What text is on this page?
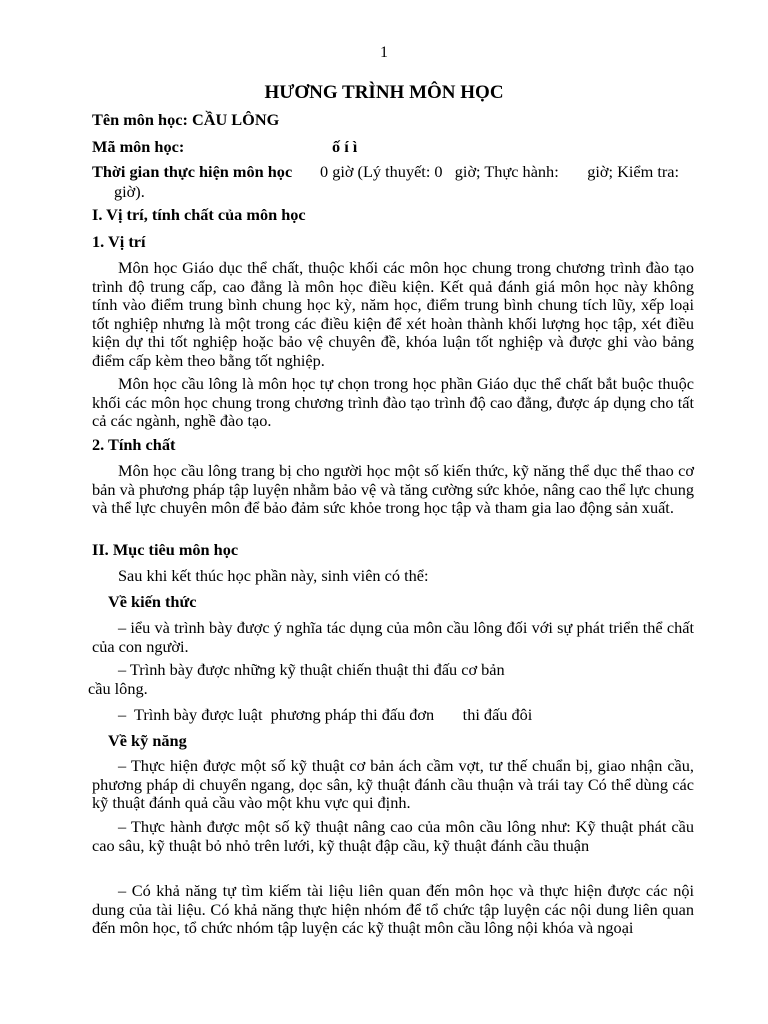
1
HƯƠNG TRÌNH MÔN HỌC
Tên môn học: CẦU LÔNG
Mã môn học:	ố í ì
Thời gian thực hiện môn học 0 giờ (Lý thuyết: 0   giờ; Thực hành:       giờ; Kiểm tra:
giờ).
I. Vị trí, tính chất của môn học
1. Vị trí
Môn học Giáo dục thể chất, thuộc khối các môn học chung trong chương trình đào tạo trình độ trung cấp, cao đẳng là môn học điều kiện. Kết quả đánh giá môn học này không tính vào điểm trung bình chung học kỳ, năm học, điểm trung bình chung tích lũy, xếp loại tốt nghiệp nhưng là một trong các điều kiện để xét hoàn thành khối lượng học tập, xét điều kiện dự thi tốt nghiệp hoặc bảo vệ chuyên đề, khóa luận tốt nghiệp và được ghi vào bảng điểm cấp kèm theo bằng tốt nghiệp.
Môn học cầu lông là môn học tự chọn trong học phần Giáo dục thể chất bắt buộc thuộc khối các môn học chung trong chương trình đào tạo trình độ cao đẳng, được áp dụng cho tất cả các ngành, nghề đào tạo.
2. Tính chất
Môn học cầu lông trang bị cho người học một số kiến thức, kỹ năng thể dục thể thao cơ bản và phương pháp tập luyện nhằm bảo vệ và tăng cường sức khỏe, nâng cao thể lực chung và thể lực chuyên môn để bảo đảm sức khỏe trong học tập và tham gia lao động sản xuất.
II. Mục tiêu môn học
Sau khi kết thúc học phần này, sinh viên có thể:
Về kiến thức
– iểu và trình bày được ý nghĩa tác dụng của môn cầu lông đối với sự phát triển thể chất của con người.
– Trình bày được những kỹ thuật chiến thuật thi đấu cơ bản
cầu lông.
–  Trình bày được luật  phương pháp thi đấu đơn       thi đấu đôi
Về kỹ năng
– Thực hiện được một số kỹ thuật cơ bản ách cầm vợt, tư thế chuẩn bị, giao nhận cầu, phương pháp di chuyển ngang, dọc sân, kỹ thuật đánh cầu thuận và trái tay Có thể dùng các kỹ thuật đánh quả cầu vào một khu vực qui định.
– Thực hành được một số kỹ thuật nâng cao của môn cầu lông như: Kỹ thuật phát cầu cao sâu, kỹ thuật bỏ nhỏ trên lưới, kỹ thuật đập cầu, kỹ thuật đánh cầu thuận
– Có khả năng tự tìm kiếm tài liệu liên quan đến môn học và thực hiện được các nội dung của tài liệu. Có khả năng thực hiện nhóm để tổ chức tập luyện các nội dung liên quan đến môn học, tổ chức nhóm tập luyện các kỹ thuật môn cầu lông nội khóa và ngoại
